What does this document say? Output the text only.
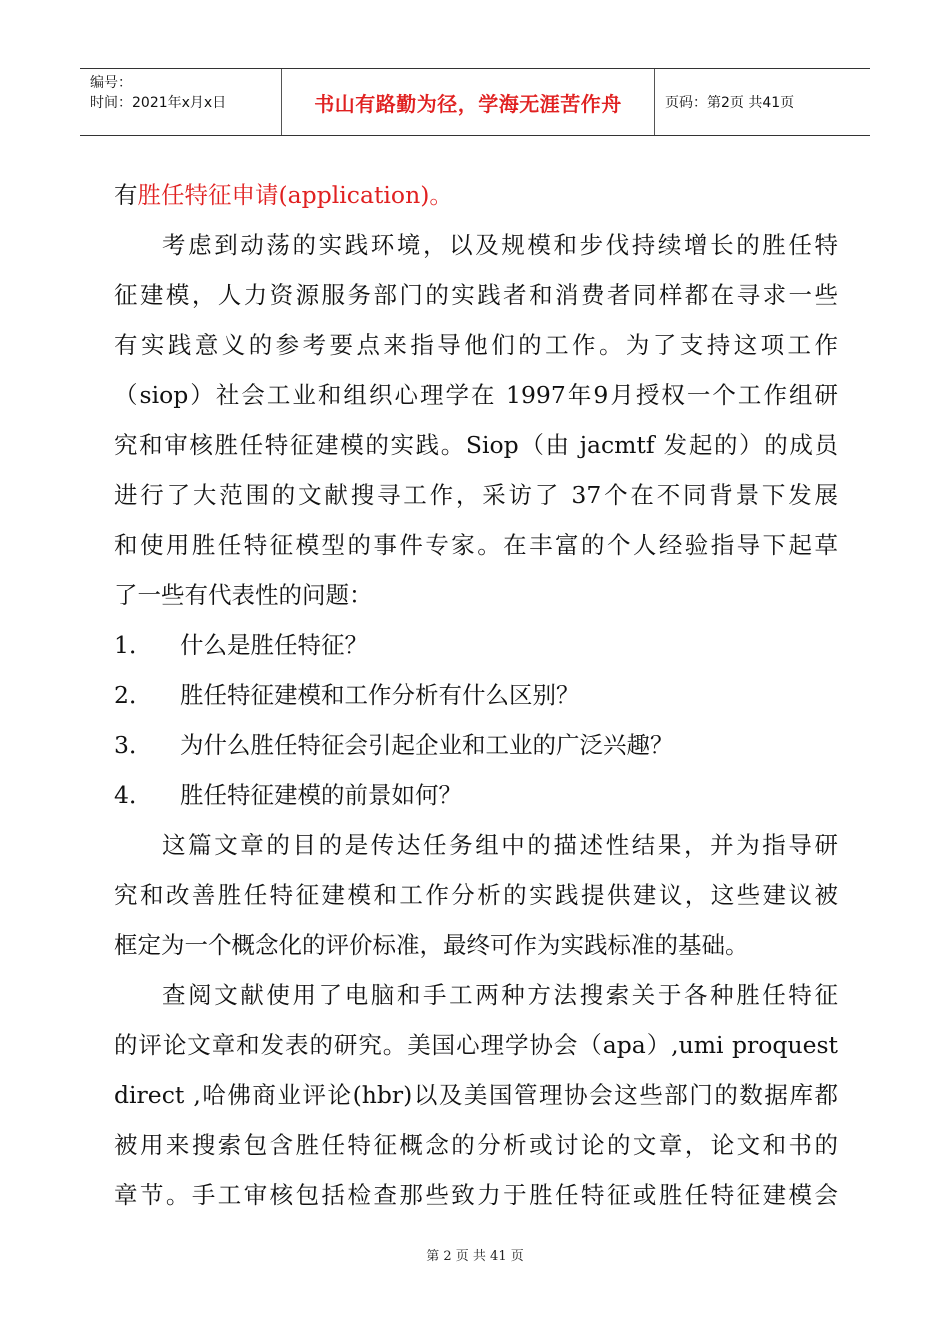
编号：
时间：2021年x月x日	书山有路勤为径，学海无涯苦作舟	页码：第2页 共41页
有胜任特征申请(application)。
考虑到动荡的实践环境，以及规模和步伐持续增长的胜任特
征建模，人力资源服务部门的实践者和消费者同样都在寻求一些
有实践意义的参考要点来指导他们的工作。为了支持这项工作
（siop）社会工业和组织心理学在 1997年9月授权一个工作组研
究和审核胜任特征建模的实践。Siop（由 jacmtf 发起的）的成员
进行了大范围的文献搜寻工作，采访了 37个在不同背景下发展
和使用胜任特征模型的事件专家。在丰富的个人经验指导下起草
了一些有代表性的问题：
1．	什么是胜任特征？
2．	胜任特征建模和工作分析有什么区别？
3．	为什么胜任特征会引起企业和工业的广泛兴趣？
4．	胜任特征建模的前景如何？
这篇文章的目的是传达任务组中的描述性结果，并为指导研
究和改善胜任特征建模和工作分析的实践提供建议，这些建议被
框定为一个概念化的评价标准，最终可作为实践标准的基础。
查阅文献使用了电脑和手工两种方法搜索关于各种胜任特征
的评论文章和发表的研究。美国心理学协会（apa）,umi proquest
direct ,哈佛商业评论(hbr)以及美国管理协会这些部门的数据库都
被用来搜索包含胜任特征概念的分析或讨论的文章，论文和书的
章节。手工审核包括检查那些致力于胜任特征或胜任特征建模会
第 2 页 共 41 页
